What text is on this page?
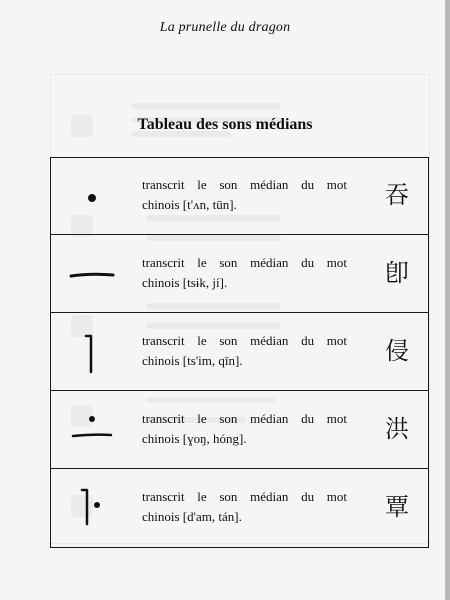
La prunelle du dragon
Tableau des sons médians
transcrit le son médian du mot
chinois [t'ʌn, tūn].	吞
transcrit le son médian du mot
chinois [tsɨk, jí].	卽
transcrit le son médian du mot
chinois [ts'im, qīn].	侵
transcrit le son médian du mot
chinois [ɣoŋ, hóng].	洪
transcrit le son médian du mot
chinois [d'am, tán].	覃
